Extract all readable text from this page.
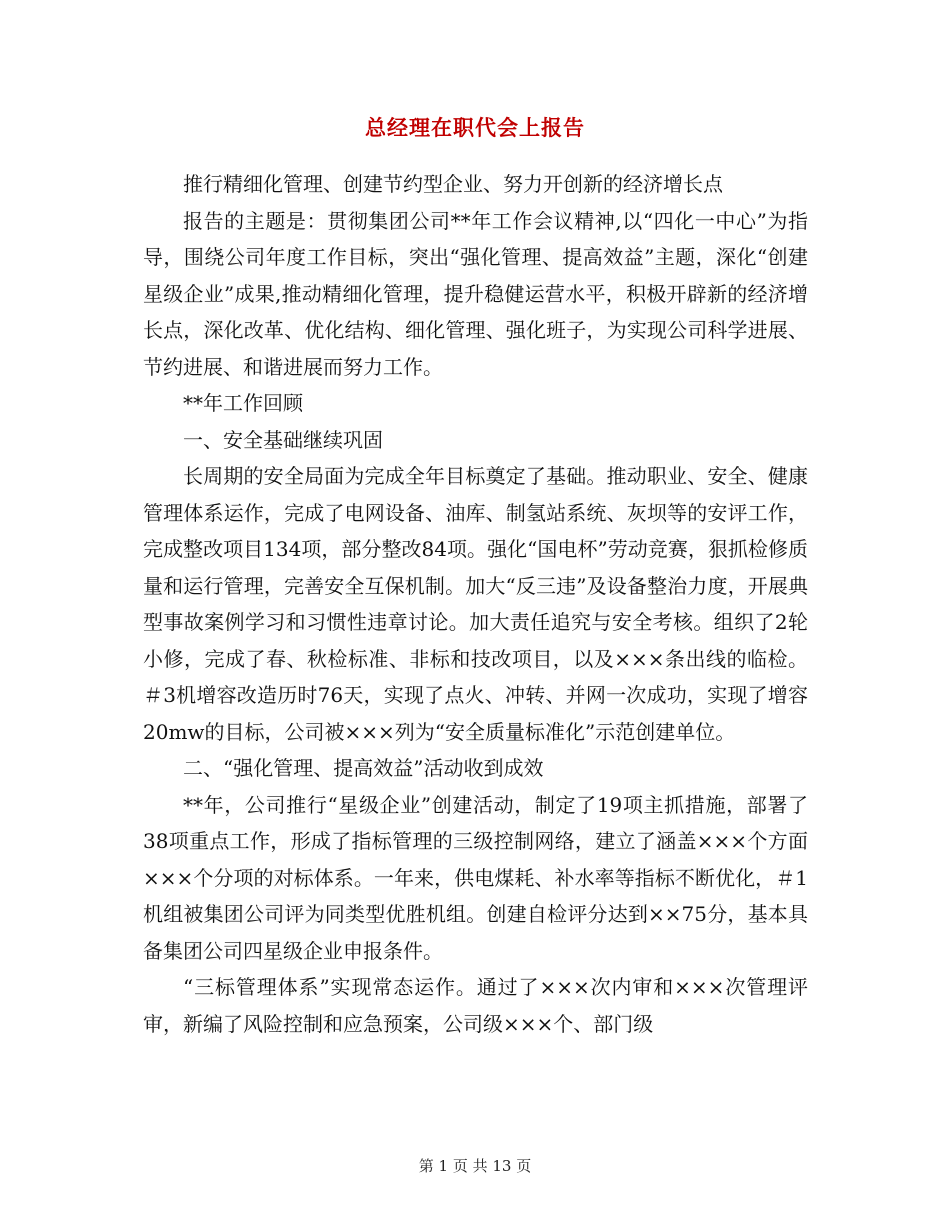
总经理在职代会上报告

推行精细化管理、创建节约型企业、努力开创新的经济增长点

报告的主题是：贯彻集团公司**年工作会议精神,以“四化一中心”为指导，围绕公司年度工作目标，突出“强化管理、提高效益”主题，深化“创建星级企业”成果,推动精细化管理，提升稳健运营水平，积极开辟新的经济增长点，深化改革、优化结构、细化管理、强化班子，为实现公司科学进展、节约进展、和谐进展而努力工作。

**年工作回顾

一、安全基础继续巩固

长周期的安全局面为完成全年目标奠定了基础。推动职业、安全、健康管理体系运作，完成了电网设备、油库、制氢站系统、灰坝等的安评工作，完成整改项目134项，部分整改84项。强化“国电杯”劳动竞赛，狠抓检修质量和运行管理，完善安全互保机制。加大“反三违”及设备整治力度，开展典型事故案例学习和习惯性违章讨论。加大责任追究与安全考核。组织了2轮小修，完成了春、秋检标准、非标和技改项目，以及×××条出线的临检。＃3机增容改造历时76天，实现了点火、冲转、并网一次成功，实现了增容20mw的目标，公司被×××列为“安全质量标准化”示范创建单位。

二、“强化管理、提高效益”活动收到成效

**年，公司推行“星级企业”创建活动，制定了19项主抓措施，部署了38项重点工作，形成了指标管理的三级控制网络，建立了涵盖×××个方面×××个分项的对标体系。一年来，供电煤耗、补水率等指标不断优化，＃1机组被集团公司评为同类型优胜机组。创建自检评分达到××75分，基本具备集团公司四星级企业申报条件。

“三标管理体系”实现常态运作。通过了×××次内审和×××次管理评审，新编了风险控制和应急预案，公司级×××个、部门级

第 1 页 共 13 页
